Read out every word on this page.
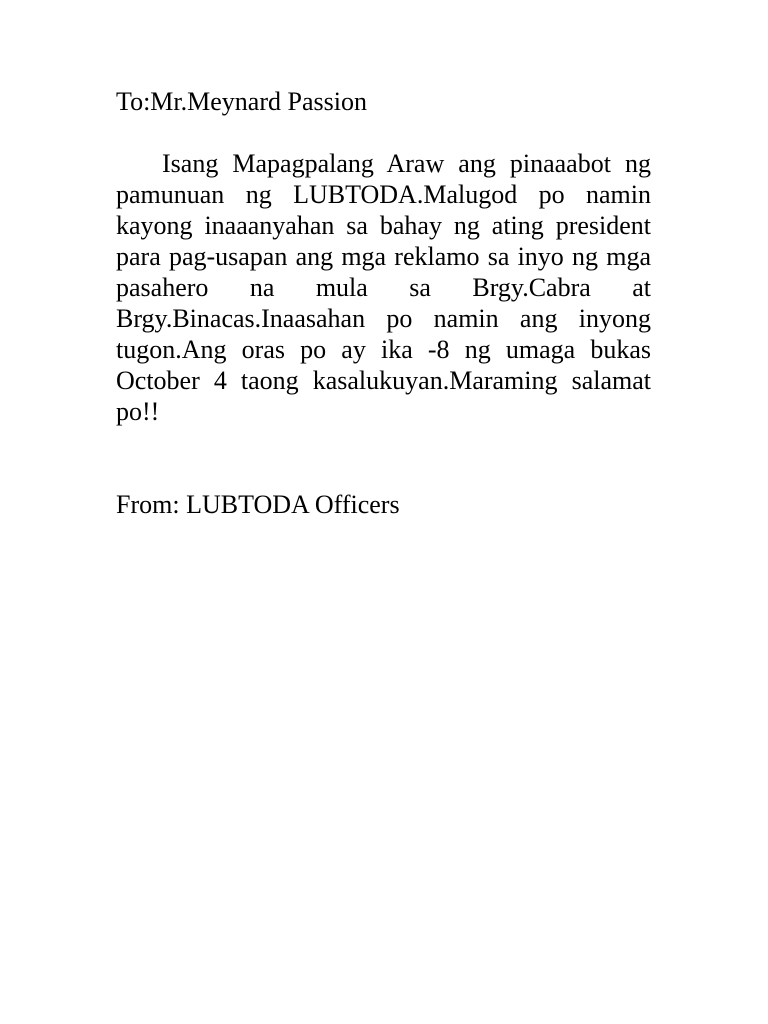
To:Mr.Meynard Passion

Isang Mapagpalang Araw ang pinaaabot ng pamunuan ng LUBTODA.Malugod po namin kayong inaaanyahan sa bahay ng ating president para pag-usapan ang mga reklamo sa inyo ng mga pasahero na mula sa Brgy.Cabra at Brgy.Binacas.Inaasahan po namin ang inyong tugon.Ang oras po ay ika -8 ng umaga bukas October 4 taong kasalukuyan.Maraming salamat po!!

From: LUBTODA Officers
